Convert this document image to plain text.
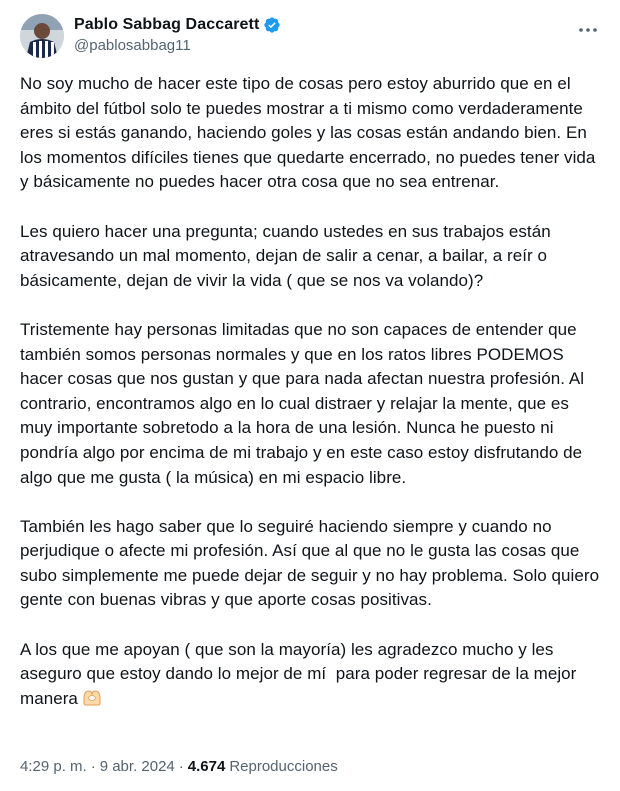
Pablo Sabbag Daccarett
@pablosabbag11

No soy mucho de hacer este tipo de cosas pero estoy aburrido que en el ámbito del fútbol solo te puedes mostrar a ti mismo como verdaderamente eres si estás ganando, haciendo goles y las cosas están andando bien. En los momentos difíciles tienes que quedarte encerrado, no puedes tener vida y básicamente no puedes hacer otra cosa que no sea entrenar.

Les quiero hacer una pregunta; cuando ustedes en sus trabajos están atravesando un mal momento, dejan de salir a cenar, a bailar, a reír o básicamente, dejan de vivir la vida ( que se nos va volando)?

Tristemente hay personas limitadas que no son capaces de entender que también somos personas normales y que en los ratos libres PODEMOS hacer cosas que nos gustan y que para nada afectan nuestra profesión. Al contrario, encontramos algo en lo cual distraer y relajar la mente, que es muy importante sobretodo a la hora de una lesión. Nunca he puesto ni pondría algo por encima de mi trabajo y en este caso estoy disfrutando de algo que me gusta ( la música) en mi espacio libre.

También les hago saber que lo seguiré haciendo siempre y cuando no perjudique o afecte mi profesión. Así que al que no le gusta las cosas que subo simplemente me puede dejar de seguir y no hay problema. Solo quiero gente con buenas vibras y que aporte cosas positivas.

A los que me apoyan ( que son la mayoría) les agradezco mucho y les aseguro que estoy dando lo mejor de mí  para poder regresar de la mejor manera

4:29 p. m. · 9 abr. 2024 · 4.674 Reproducciones
